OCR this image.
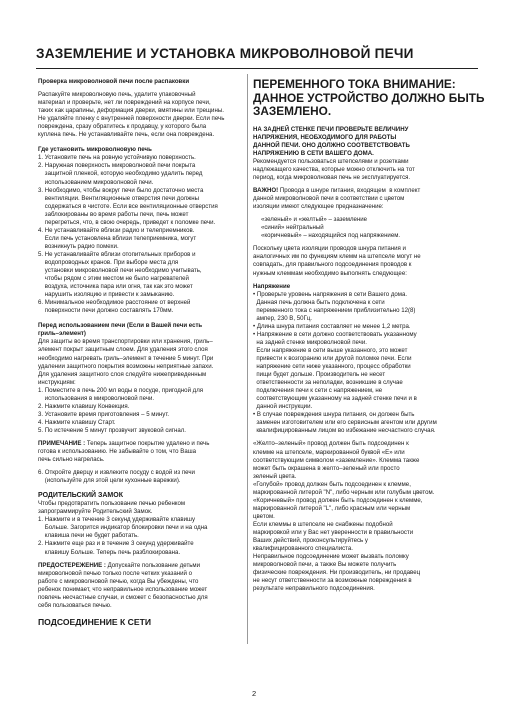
ЗАЗЕМЛЕНИЕ И УСТАНОВКА МИКРОВОЛНОВОЙ ПЕЧИ

Проверка микроволновой печи после распаковки

Распакуйте микроволновую печь, удалите упаковочный
материал и проверьте, нет ли повреждений на корпусе печи,
таких как царапины, деформация дверки, вмятины или трещины.
Не удаляйте пленку с внутренней поверхности дверки. Если печь
повреждена, сразу обратитесь к продавцу, у которого была
куплена печь. Не устанавливайте печь, если она повреждена.

Где установить микроволновую печь

1. Установите печь на ровную устойчивую поверхность.
2. Наружная поверхность микроволновой печи покрыта
защитной пленкой, которую необходимо удалить перед
использованием микроволновой печи.
3. Необходимо, чтобы вокруг печи было достаточно места
вентиляции. Вентиляционные отверстия печи должны
содержаться в чистоте. Если все вентиляционные отверстия
заблокированы во время работы печи, печь может
перегреться, что, в свою очередь, приведет к поломке печи.
4. Не устанавливайте вблизи радио и телеприемников.
Если печь установлена вблизи телеприемника, могут
возникнуть радио помехи.
5. Не устанавливайте вблизи отопительных приборов и
водопроводных кранов. При выборе места для
установки микроволновой печи необходимо учитывать,
чтобы рядом с этим местом не было нагревателей
воздуха, источника пара или огня, так как это может
нарушить изоляцию и привести к замыканию.
6. Минимальное необходимое расстояние от верхней
поверхности печи должно составлять 170мм.

Перед использованием печи (Если в Вашей печи есть

гриль–элемент)

Для защиты во время транспортировки или хранения, гриль–
элемент покрыт защитным слоем. Для удаления этого слоя
необходимо нагревать гриль–элемент в течение 5 минут. При
удалении защитного покрытия возможны неприятные запахи.
Для удаления защитного слоя следуйте нижеприведенным
инструкциям:
1. Поместите в печь 200 мл воды в посуде, пригодной для
использования в микроволновой печи.
2. Нажмите клавишу Конвекция.
3. Установите время приготовления – 5 минут.
4. Нажмите клавишу Старт.
5. По истечение 5 минут прозвучит звуковой сигнал.
ПРИМЕЧАНИЕ : Теперь защитное покрытие удалено и печь
готова к использованию. Не забывайте о том, что Ваша
печь сильно нагрелась.
6. Откройте дверцу и извлеките посуду с водой из печи
(используйте для этой цели кухонные варежки).

РОДИТЕЛЬСКИЙ ЗАМОК

Чтобы предотвратить пользование печью ребенком
запрограммируйте Родительский Замок.
1. Нажмите и в течение 3 секунд удерживайте клавишу
Больше. Загорится индикатор блокировки печи и на одна
клавиша печи не будет работать.
2. Нажмите еще раз и в течение 3 секунд удерживайте
клавишу Больше. Теперь печь разблокирована.
ПРЕДОСТЕРЕЖЕНИЕ : Допускайте пользование детьми
микроволновой печью только после четких указаний о
работе с микроволновой печью, когда Вы убеждены, что
ребенок понимает, что неправильное использование может
повлечь несчастные случаи, и сможет с безопасностью для
себя пользоваться печью.

ПОДСОЕДИНЕНИЕ К СЕТИ

ПЕРЕМЕННОГО ТОКА ВНИМАНИЕ:
ДАННОЕ УСТРОЙСТВО ДОЛЖНО БЫТЬ
ЗАЗЕМЛЕНО.
НА ЗАДНЕЙ СТЕНКЕ ПЕЧИ ПРОВЕРЬТЕ ВЕЛИЧИНУ
НАПРЯЖЕНИЯ, НЕОБХОДИМОГО ДЛЯ РАБОТЫ
ДАННОЙ ПЕЧИ. ОНО ДОЛЖНО СООТВЕТСТВОВАТЬ
НАПРЯЖЕНИЮ В СЕТИ ВАШЕГО ДОМА.
Рекомендуется пользоваться штепселями и розетками
надлежащего качества, которые можно отключить на тот
период, когда микроволновая печь не эксплуатируется.
ВАЖНО! Провода в шнуре питания, входящем  в комплект
данной микроволновой печи в соответствии с цветом
изоляции имеют следующее предназначение:
«зеленый» и «желтый» – заземление
«синий» нейтральный
«коричневый» – находящийся под напряжением.
Поскольку цвета изоляции проводов шнура питания и
аналогичных им по функциям клемм на штепселе могут не
совпадать, для правильного подсоединения проводов к
нужным клеммам необходимо выполнять следующее:

Напряжение

• Проверьте уровень напряжения в сети Вашего дома.
Данная печь должна быть подключена к сети
переменного тока с напряжением приблизительно 12(8)
ампер, 230 В, 50Гц.
• Длина шнура питания составляет не менее 1,2 метра.
• Напряжение в сети должно соответствовать указанному
на задней стенке микроволновой печи.
Если напряжение в сети выше указанного, это может
привести к возгоранию или другой поломке печи. Если
напряжение сети ниже указанного, процесс обработки
пищи будет дольше. Производитель не несет
ответственности за неполадки, возникшие в случае
подключения печи к сети с напряжением, не
соответствующим указанному на задней стенке печи и в
данной инструкции.
• В случае повреждения шнура питания, он должен быть
заменен изготовителем или его сервисным агентом или другим
квалифицированным лицом во избежание несчастного случая.
«Желто–зеленый» провод должен быть подсоединен к
клемме на штепселе, маркированной буквой «Е» или
соответствующим символом «заземление». Клемма также
может быть окрашена в желто–зеленый или просто
зеленый цвета.
«Голубой» провод должен быть подсоединен к клемме,
маркированной литерой "N", либо черным или голубым цветом.
«Коричневый» провод должен быть подсоединен к клемме,
маркированной литерой "L", либо красным или черным
цветом.
Если клеммы в штепселе не снабжены подобной
маркировкой или у Вас нет уверенности в правильности
Ваших действий, проконсультируйтесь у
квалифицированного специалиста.
Неправильное подсоединение может вызвать поломку
микроволновой печи, а также Вы можете получить
физические повреждения. Ни производитель, ни продавец
не несут ответственности за возможные повреждения в
результате неправильного подсоединения.
2
